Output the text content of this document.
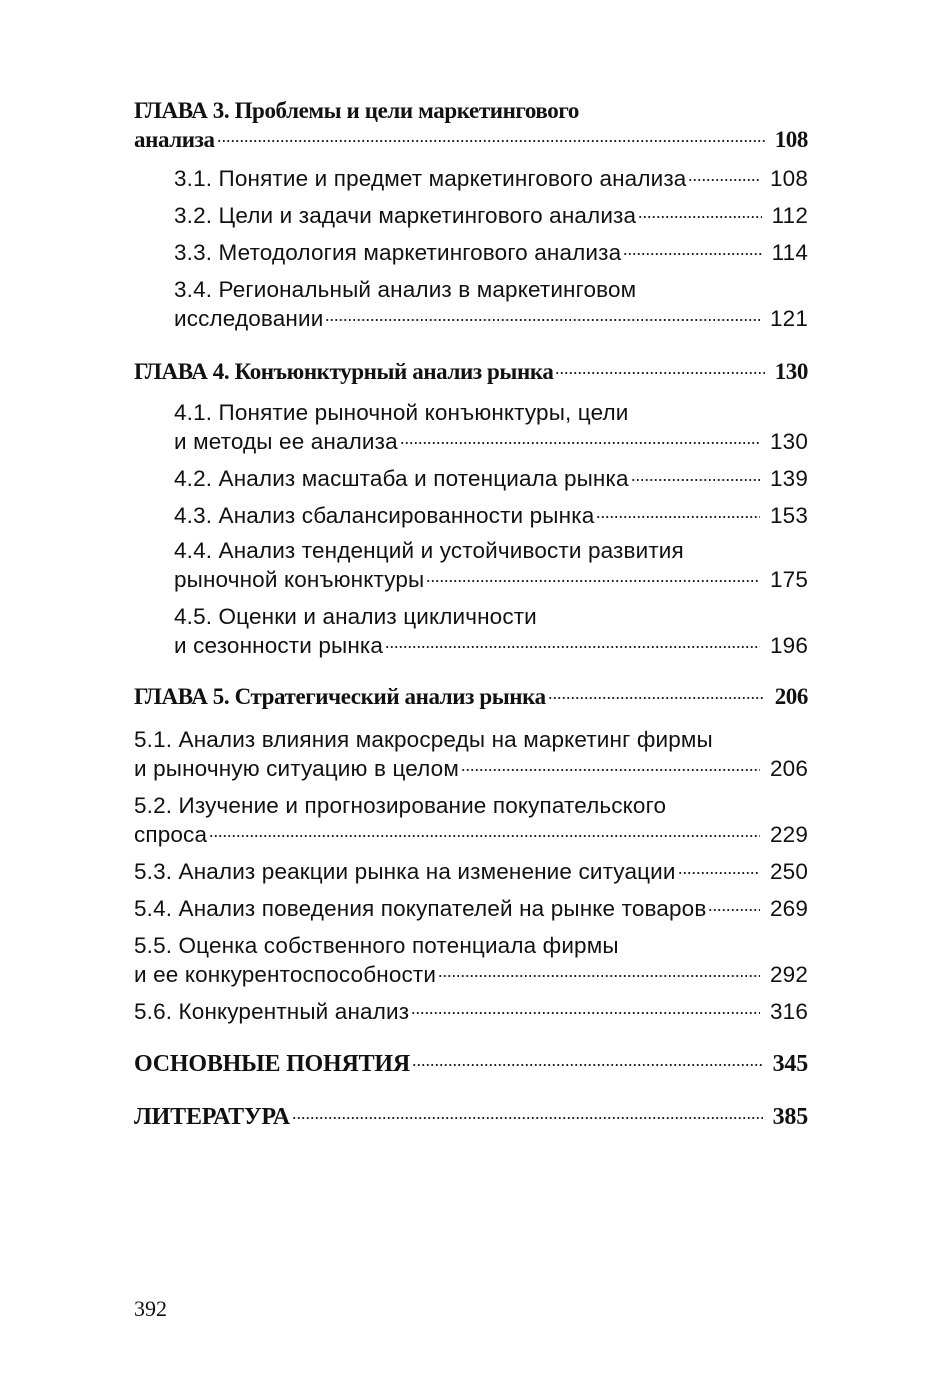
ГЛАВА 3. Проблемы и цели маркетингового
анализа	108
3.1. Понятие и предмет маркетингового анализа	108
3.2. Цели и задачи маркетингового анализа	112
3.3. Методология маркетингового анализа	114
3.4. Региональный анализ в маркетинговом
исследовании	121
ГЛАВА 4. Конъюнктурный анализ рынка	130
4.1. Понятие рыночной конъюнктуры, цели
и методы ее анализа	130
4.2. Анализ масштаба и потенциала рынка	139
4.3. Анализ сбалансированности рынка	153
4.4. Анализ тенденций и устойчивости развития
рыночной конъюнктуры	175
4.5. Оценки и анализ цикличности
и сезонности рынка	196
ГЛАВА 5. Стратегический анализ рынка	206
5.1. Анализ влияния макросреды на маркетинг фирмы
и рыночную ситуацию в целом	206
5.2. Изучение и прогнозирование покупательского
спроса	229
5.3. Анализ реакции рынка на изменение ситуации	250
5.4. Анализ поведения покупателей на рынке товаров	269
5.5. Оценка собственного потенциала фирмы
и ее конкурентоспособности	292
5.6. Конкурентный анализ	316
ОСНОВНЫЕ ПОНЯТИЯ	345
ЛИТЕРАТУРА	385
392
